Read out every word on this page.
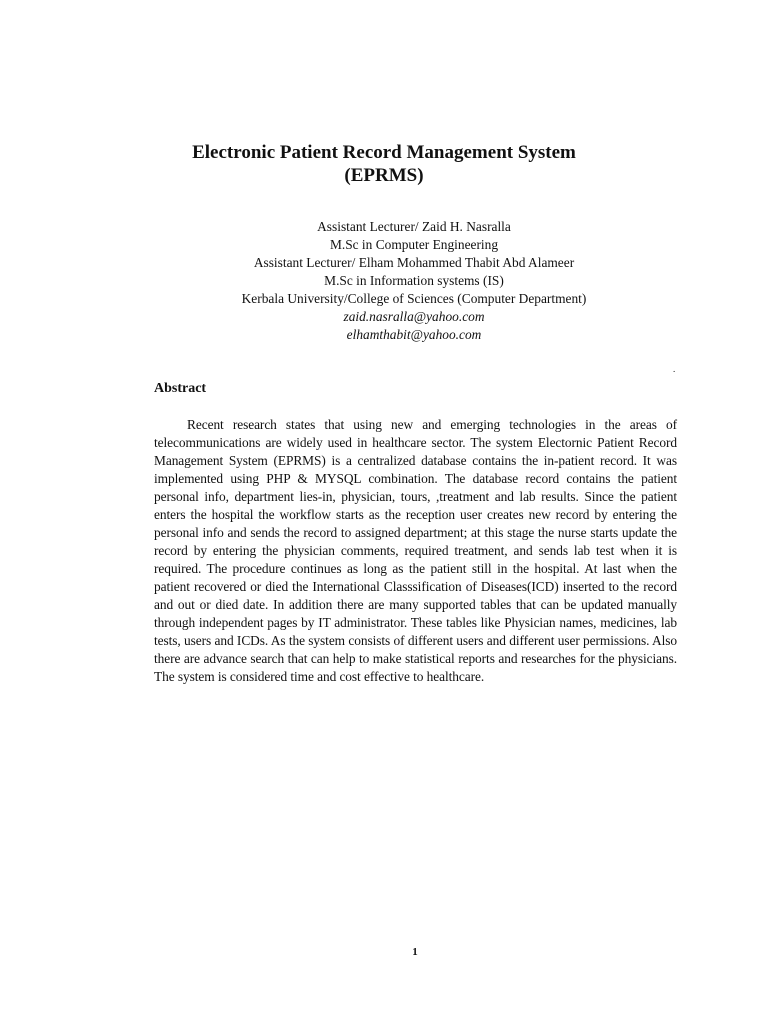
Electronic Patient Record Management System
(EPRMS)
Assistant Lecturer/ Zaid H. Nasralla
M.Sc in Computer Engineering
Assistant Lecturer/ Elham Mohammed Thabit Abd Alameer
M.Sc in Information systems (IS)
Kerbala University/College of Sciences (Computer Department)
zaid.nasralla@yahoo.com
elhamthabit@yahoo.com
.
Abstract

Recent research states that using new and emerging technologies in the areas of telecommunications are widely used in healthcare sector. The system Electornic Patient Record Management System (EPRMS) is a centralized database contains the in-patient record. It was implemented using PHP & MYSQL combination. The database record contains the patient personal info, department lies-in, physician, tours, ,treatment and lab results. Since the patient enters the hospital the workflow starts as the reception user creates new record by entering the personal info and sends the record to assigned department; at this stage the nurse starts update the record by entering the physician comments, required treatment, and sends lab test when it is required. The procedure continues as long as the patient still in the hospital. At last when the patient recovered or died the International Classsification of Diseases(ICD) inserted to the record and out or died date. In addition there are many supported tables that can be updated manually through independent pages by IT administrator. These tables like Physician names, medicines, lab tests, users and ICDs. As the system consists of different users and different user permissions. Also there are advance search that can help to make statistical reports and researches for the physicians. The system is considered time and cost effective to healthcare.

1
